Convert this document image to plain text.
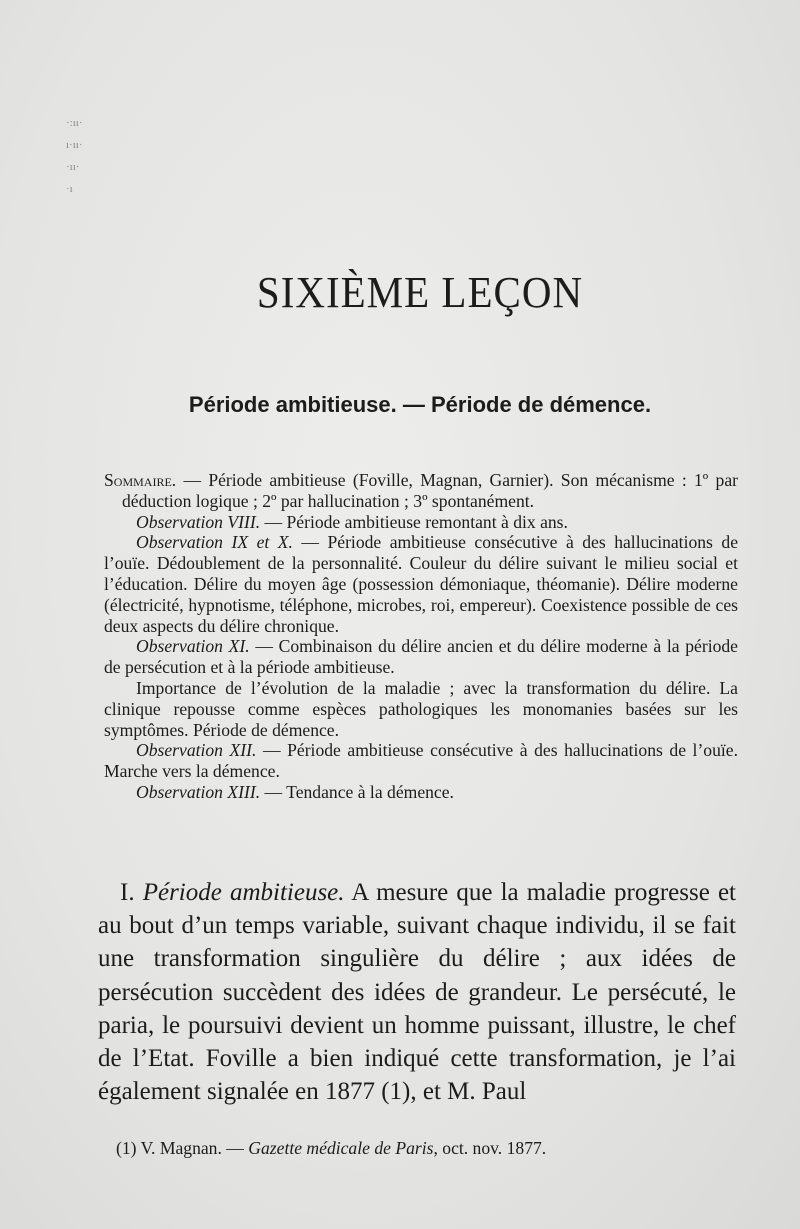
·:ıı·
ı·ıı·
·ıı·
·ı
SIXIÈME LEÇON
Période ambitieuse. — Période de démence.

Sommaire. — Période ambitieuse (Foville, Magnan, Garnier). Son mécanisme : 1º par déduction logique ; 2º par hallucination ; 3º spontanément.

Observation VIII. — Période ambitieuse remontant à dix ans.

Observation IX et X. — Période ambitieuse consécutive à des hallucinations de l’ouïe. Dédoublement de la personnalité. Couleur du délire suivant le milieu social et l’éducation. Délire du moyen âge (possession démoniaque, théomanie). Délire moderne (électricité, hypnotisme, téléphone, microbes, roi, empereur). Coexistence possible de ces deux aspects du délire chronique.

Observation XI. — Combinaison du délire ancien et du délire moderne à la période de persécution et à la période ambitieuse.

Importance de l’évolution de la maladie ; avec la transformation du délire. La clinique repousse comme espèces pathologiques les monomanies basées sur les symptômes. Période de démence.

Observation XII. — Période ambitieuse consécutive à des hallucinations de l’ouïe. Marche vers la démence.

Observation XIII. — Tendance à la démence.

I. Période ambitieuse. A mesure que la maladie progresse et au bout d’un temps variable, suivant chaque individu, il se fait une transformation singulière du délire ; aux idées de persécution succèdent des idées de grandeur. Le persécuté, le paria, le poursuivi devient un homme puissant, illustre, le chef de l’Etat. Foville a bien indiqué cette transformation, je l’ai également signalée en 1877 (1), et M. Paul

(1) V. Magnan. — Gazette médicale de Paris, oct. nov. 1877.
